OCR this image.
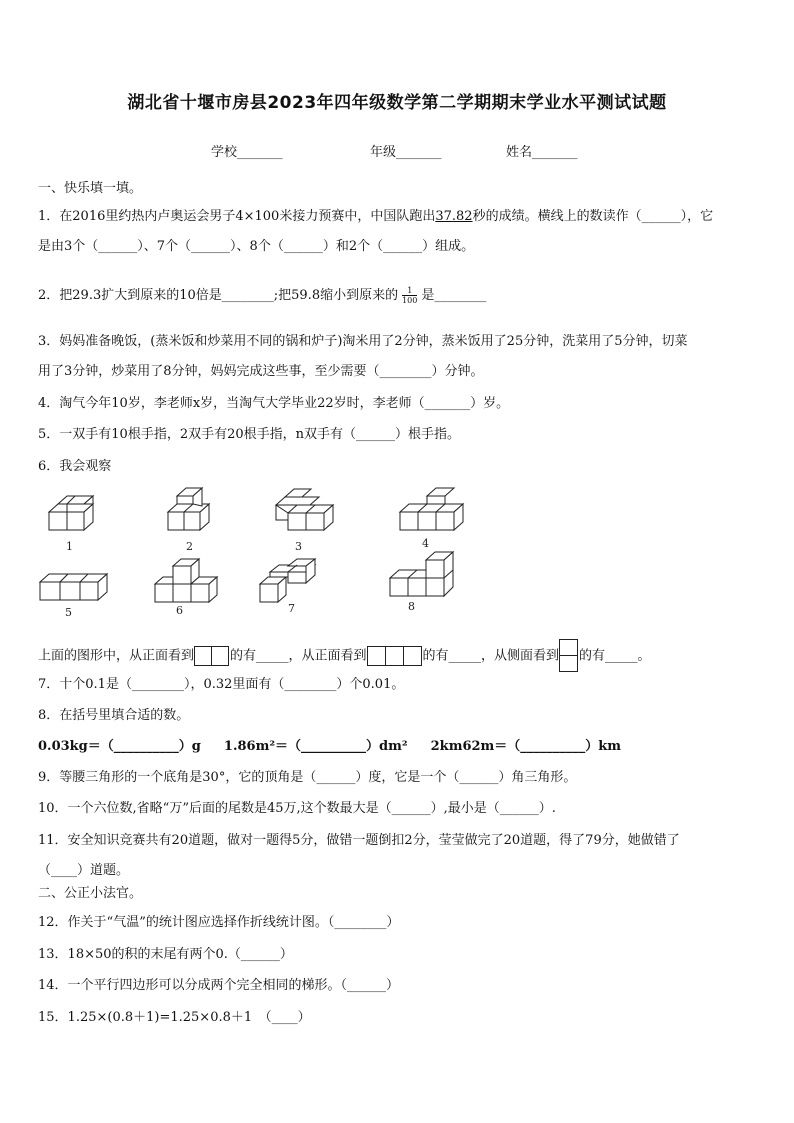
湖北省十堰市房县2023年四年级数学第二学期期末学业水平测试试题
学校_______	年级_______	姓名_______
一、快乐填一填。
1．在2016里约热内卢奥运会男子4×100米接力预赛中，中国队跑出37.82秒的成绩。横线上的数读作（______），它
是由3个（______）、7个（______）、8个（______）和2个（______）组成。
2．把29.3扩大到原来的10倍是________;把59.8缩小到原来的 $\frac{1}{100}$ 是________
3．妈妈准备晚饭，(蒸米饭和炒菜用不同的锅和炉子)淘米用了2分钟，蒸米饭用了25分钟，洗菜用了5分钟，切菜
用了3分钟，炒菜用了8分钟，妈妈完成这些事，至少需要（________）分钟。
4．淘气今年10岁，李老师x岁，当淘气大学毕业22岁时，李老师（_______）岁。
5．一双手有10根手指，2双手有20根手指，n双手有（______）根手指。
6．我会观察
1	2	3	4
5	6	7	8
上面的图形中，从正面看到	的有_____，从正面看到	的有_____，从侧面看到 的有_____。
7．十个0.1是（________），0.32里面有（________）个0.01。
8．在括号里填合适的数。
0.03kg＝（__________）g 1.86m²＝（__________）dm² 2km62m＝（__________）km
9．等腰三角形的一个底角是30°，它的顶角是（______）度，它是一个（______）角三角形。
10．一个六位数,省略“万”后面的尾数是45万,这个数最大是（______）,最小是（______）.
11．安全知识竞赛共有20道题，做对一题得5分，做错一题倒扣2分，莹莹做完了20道题，得了79分，她做错了
（____）道题。
二、公正小法官。
12．作关于“气温”的统计图应选择作折线统计图。（________）
13．18×50的积的末尾有两个0.（______）
14．一个平行四边形可以分成两个完全相同的梯形。（______）
15．1.25×(0.8＋1)=1.25×0.8＋1　（____）
